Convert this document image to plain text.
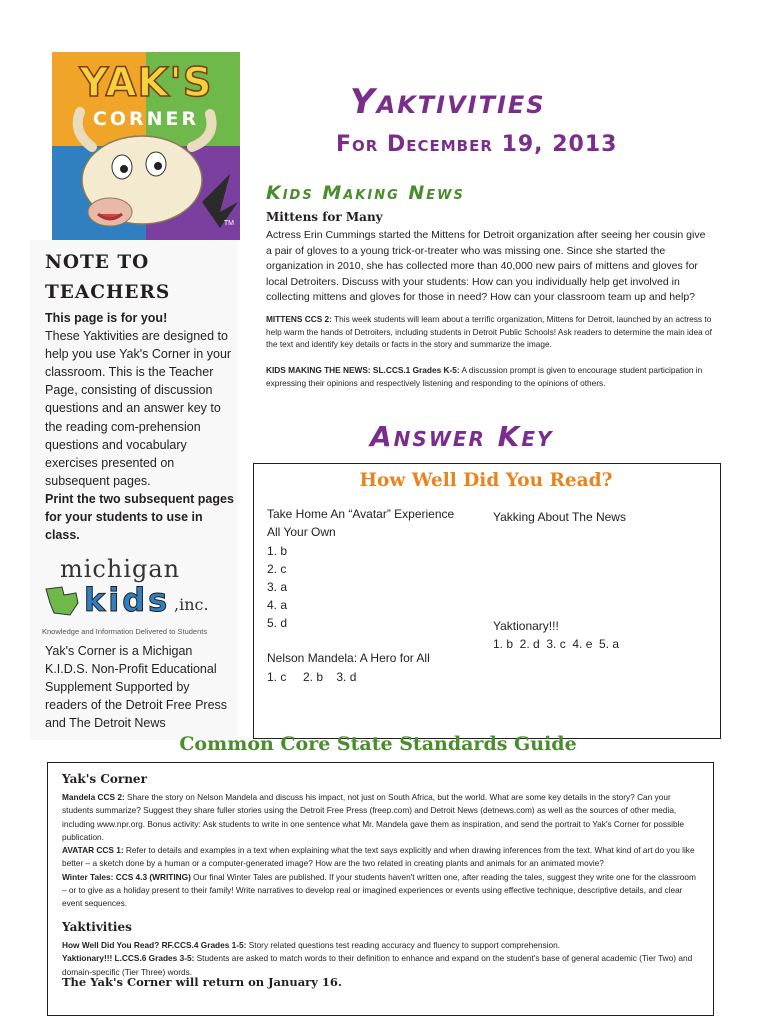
YAK'S
CORNER
TM
Yaktivities
For December 19, 2013
Kids Making News
Mittens for Many
Actress Erin Cummings started the Mittens for Detroit organization after seeing her cousin give a pair of gloves to a young trick-or-treater who was missing one. Since she started the organization in 2010, she has collected more than 40,000 new pairs of mittens and gloves for local Detroiters. Discuss with your students: How can you individually help get involved in collecting mittens and gloves for those in need? How can your classroom team up and help?
MITTENS CCS 2: This week students will learn about a terrific organization, Mittens for Detroit, launched by an actress to help warm the hands of Detroiters, including students in Detroit Public Schools! Ask readers to determine the main idea of the text and identify key details or facts in the story and summarize the image.
KIDS MAKING THE NEWS: SL.CCS.1 Grades K-5: A discussion prompt is given to encourage student participation in expressing their opinions and respectively listening and responding to the opinions of others.
NOTE TO
TEACHERS
This page is for you!
These Yaktivities are designed to help you use Yak's Corner in your classroom. This is the Teacher Page, consisting of discussion questions and an answer key to the reading com-prehension questions and vocabulary exercises presented on subsequent pages.
Print the two subsequent pages for your students to use in class.
michigan
kids ,inc.
Knowledge and Information Delivered to Students
Yak's Corner is a Michigan K.I.D.S. Non-Profit Educational Supplement Supported by readers of the Detroit Free Press and The Detroit News
Answer Key
How Well Did You Read?
Take Home An “Avatar” Experience All Your Own
1. b
2. c
3. a
4. a
5. d
Nelson Mandela: A Hero for All
1. c     2. b    3. d
Yakking About The News
Yaktionary!!!
1. b  2. d  3. c  4. e  5. a
Common Core State Standards Guide
Yak's Corner
Mandela CCS 2: Share the story on Nelson Mandela and discuss his impact, not just on South Africa, but the world. What are some key details in the story? Can your students summarize? Suggest they share fuller stories using the Detroit Free Press (freep.com) and Detroit News (detnews.com) as well as the sources of other media, including www.npr.org. Bonus activity: Ask students to write in one sentence what Mr. Mandela gave them as inspiration, and send the portrait to Yak's Corner for possible publication.
AVATAR CCS 1: Refer to details and examples in a text when explaining what the text says explicitly and when drawing inferences from the text. What kind of art do you like better – a sketch done by a human or a computer-generated image? How are the two related in creating plants and animals for an animated movie?
Winter Tales: CCS 4.3 (WRITING) Our final Winter Tales are published. If your students haven't written one, after reading the tales, suggest they write one for the classroom – or to give as a holiday present to their family! Write narratives to develop real or imagined experiences or events using effective technique, descriptive details, and clear event sequences.
Yaktivities
How Well Did You Read? RF.CCS.4 Grades 1-5: Story related questions test reading accuracy and fluency to support comprehension.
Yaktionary!!! L.CCS.6 Grades 3-5: Students are asked to match words to their definition to enhance and expand on the student's base of general academic (Tier Two) and domain-specific (Tier Three) words.
The Yak's Corner will return on January 16.
